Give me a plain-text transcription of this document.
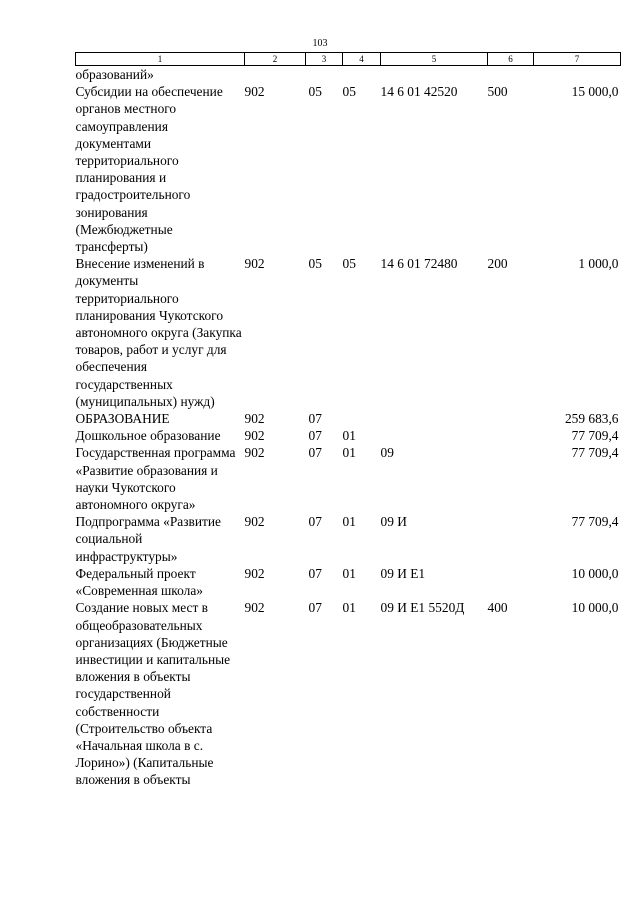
103
1	2	3	4	5	6	7
образований»						
Субсидии на обеспечение органов местного самоуправления документами территориального планирования и градостроительного зонирования (Межбюджетные трансферты)	902	05	05	14 6 01 42520	500	15 000,0
Внесение изменений в документы территориального планирования Чукотского автономного округа (Закупка товаров, работ и услуг для обеспечения государственных (муниципальных) нужд)	902	05	05	14 6 01 72480	200	1 000,0
ОБРАЗОВАНИЕ	902	07				259 683,6
Дошкольное образование	902	07	01			77 709,4
Государственная программа «Развитие образования и науки Чукотского автономного округа»	902	07	01	09		77 709,4
Подпрограмма «Развитие социальной инфраструктуры»	902	07	01	09 И		77 709,4
Федеральный проект «Современная школа»	902	07	01	09 И Е1		10 000,0
Создание новых мест в общеобразовательных организациях (Бюджетные инвестиции и капитальные вложения в объекты государственной собственности (Строительство объекта «Начальная школа в с. Лорино») (Капитальные вложения в объекты	902	07	01	09 И Е1 5520Д	400	10 000,0
